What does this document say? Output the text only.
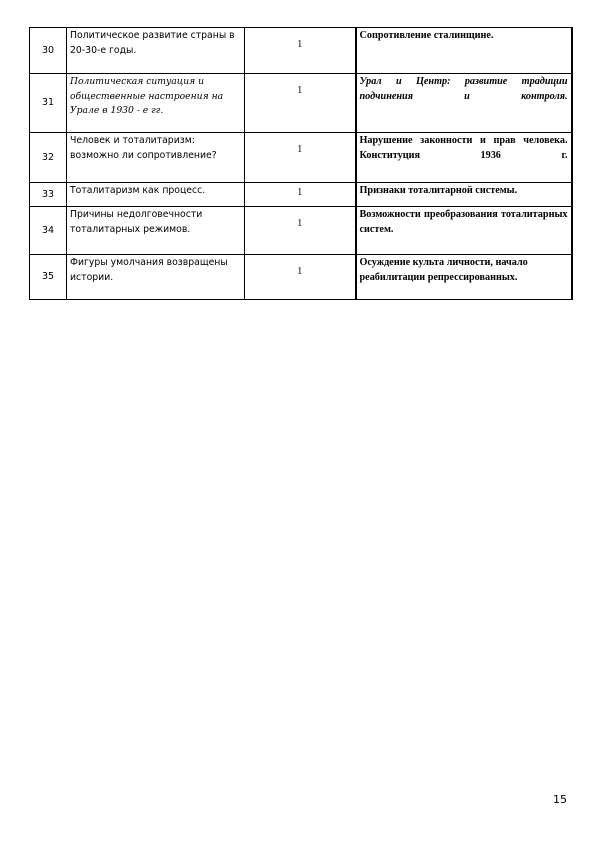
30	Политическое развитие страны в 20-30-е годы.	1	Сопротивление сталинщине.
31	Политическая ситуация и общественные настроения на Урале в 1930 - е гг.	1	Урал и Центр: развитие традиции подчинения и контроля.
32	Человек и тоталитаризм: возможно ли сопротивление?	1	Нарушение законности и прав человека. Конституция 1936 г.
33	Тоталитаризм как процесс.	1	Признаки тоталитарной системы.
34	Причины недолговечности тоталитарных режимов.	1	Возможности преобразования тоталитарных систем.
35	Фигуры умолчания возвращены истории.	1	Осуждение культа личности, начало реабилитации репрессированных.
15
